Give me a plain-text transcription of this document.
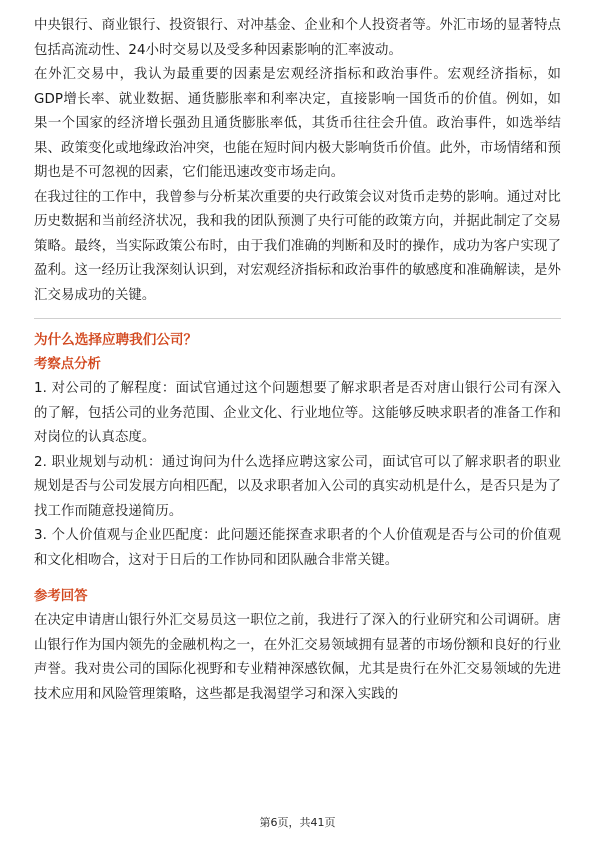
中央银行、商业银行、投资银行、对冲基金、企业和个人投资者等。外汇市场的显著特点包括高流动性、24小时交易以及受多种因素影响的汇率波动。

在外汇交易中，我认为最重要的因素是宏观经济指标和政治事件。宏观经济指标，如GDP增长率、就业数据、通货膨胀率和利率决定，直接影响一国货币的价值。例如，如果一个国家的经济增长强劲且通货膨胀率低，其货币往往会升值。政治事件，如选举结果、政策变化或地缘政治冲突，也能在短时间内极大影响货币价值。此外，市场情绪和预期也是不可忽视的因素，它们能迅速改变市场走向。

在我过往的工作中，我曾参与分析某次重要的央行政策会议对货币走势的影响。通过对比历史数据和当前经济状况，我和我的团队预测了央行可能的政策方向，并据此制定了交易策略。最终，当实际政策公布时，由于我们准确的判断和及时的操作，成功为客户实现了盈利。这一经历让我深刻认识到，对宏观经济指标和政治事件的敏感度和准确解读，是外汇交易成功的关键。

为什么选择应聘我们公司？
考察点分析

1. 对公司的了解程度：面试官通过这个问题想要了解求职者是否对唐山银行公司有深入的了解，包括公司的业务范围、企业文化、行业地位等。这能够反映求职者的准备工作和对岗位的认真态度。

2. 职业规划与动机：通过询问为什么选择应聘这家公司，面试官可以了解求职者的职业规划是否与公司发展方向相匹配，以及求职者加入公司的真实动机是什么，是否只是为了找工作而随意投递简历。

3. 个人价值观与企业匹配度：此问题还能探查求职者的个人价值观是否与公司的价值观和文化相吻合，这对于日后的工作协同和团队融合非常关键。

参考回答

在决定申请唐山银行外汇交易员这一职位之前，我进行了深入的行业研究和公司调研。唐山银行作为国内领先的金融机构之一，在外汇交易领域拥有显著的市场份额和良好的行业声誉。我对贵公司的国际化视野和专业精神深感钦佩，尤其是贵行在外汇交易领域的先进技术应用和风险管理策略，这些都是我渴望学习和深入实践的

第6页，共41页
